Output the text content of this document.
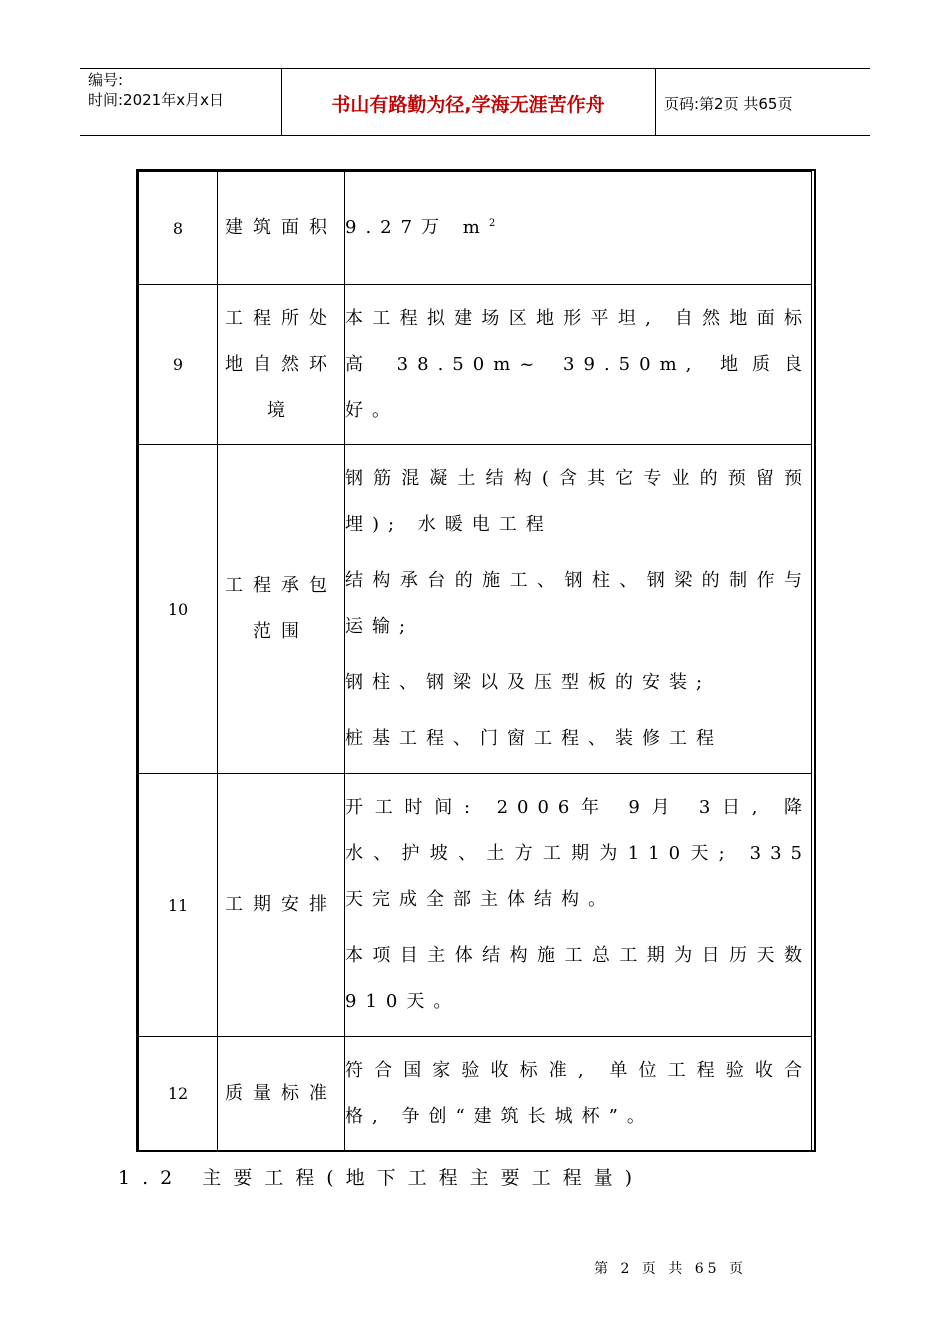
编号:
时间:2021年x月x日	书山有路勤为径,学海无涯苦作舟	页码:第2页 共65页
8	建筑面积	9.27万 $m^2$
9	工程所处地自然环境	本工程拟建场区地形平坦, 自然地面标高 38.50m~ 39.50m, 地质良好。

10	工程承包范围	钢筋混凝土结构(含其它专业的预留预埋); 水暖电工程
结构承台的施工、钢柱、钢梁的制作与运输;
钢柱、钢梁以及压型板的安装;
桩基工程、门窗工程、装修工程

11	工期安排	开工时间: 2006年 9月 3日, 降水、护坡、土方工期为110天; 335天完成全部主体结构。
本项目主体结构施工总工期为日历天数910天。

12	质量标准	符合国家验收标准, 单位工程验收合格, 争创“建筑长城杯”。
1.2 主要工程(地下工程主要工程量)
第 2 页 共 65 页
